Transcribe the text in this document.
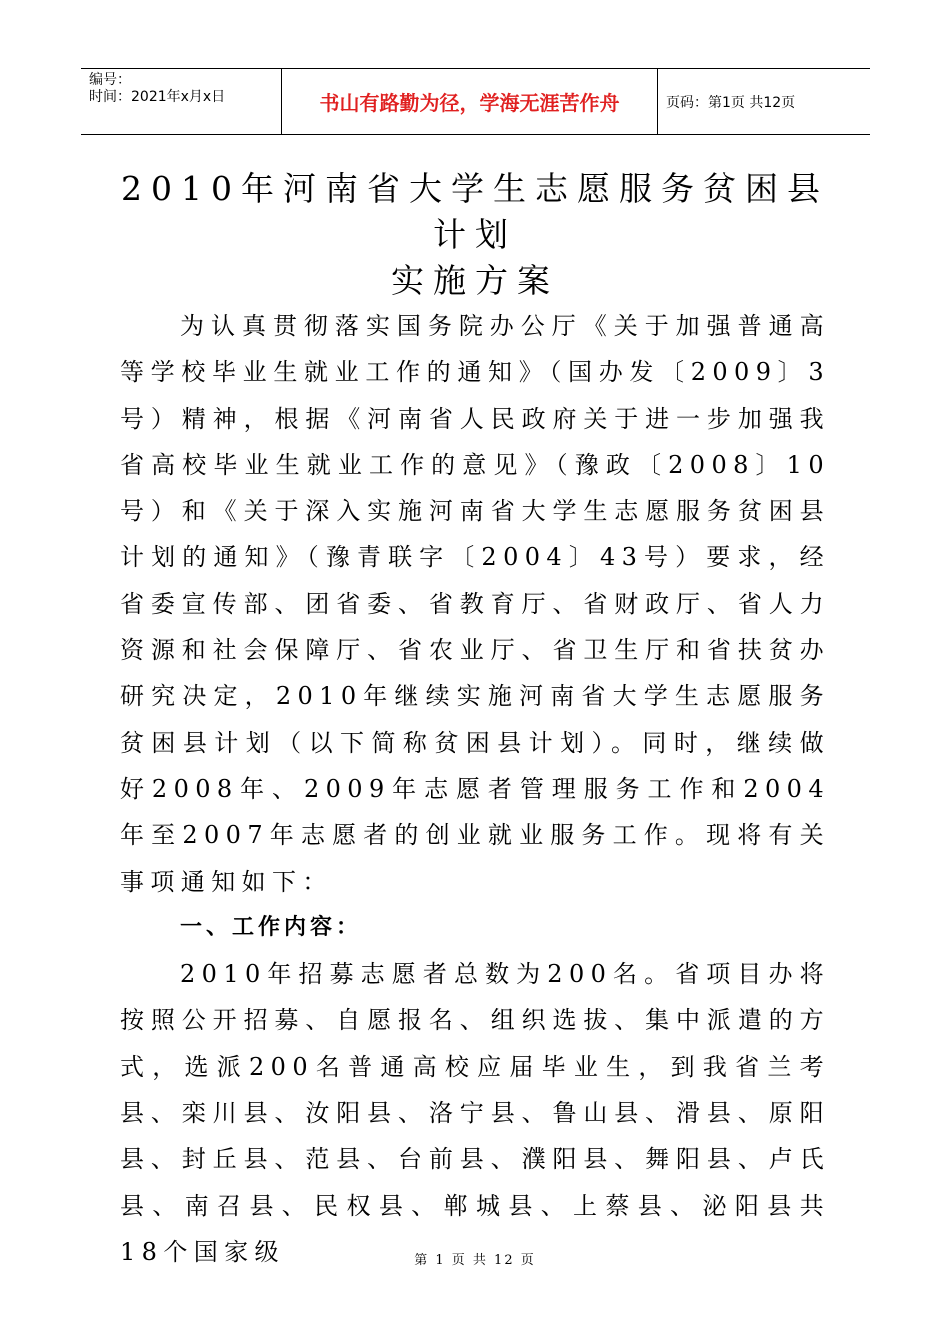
编号：
时间：2021年x月x日	书山有路勤为径，学海无涯苦作舟	页码：第1页 共12页
2010年河南省大学生志愿服务贫困县
计划
实施方案

为认真贯彻落实国务院办公厅《关于加强普通高等学校毕业生就业工作的通知》（国办发〔2009〕3号）精神，根据《河南省人民政府关于进一步加强我省高校毕业生就业工作的意见》（豫政〔2008〕10号）和《关于深入实施河南省大学生志愿服务贫困县计划的通知》（豫青联字〔2004〕43号）要求，经省委宣传部、团省委、省教育厅、省财政厅、省人力资源和社会保障厅、省农业厅、省卫生厅和省扶贫办研究决定，2010年继续实施河南省大学生志愿服务贫困县计划（以下简称贫困县计划）。同时，继续做好2008年、2009年志愿者管理服务工作和2004年至2007年志愿者的创业就业服务工作。现将有关事项通知如下：

一、工作内容：

2010年招募志愿者总数为200名。省项目办将按照公开招募、自愿报名、组织选拔、集中派遣的方式，选派200名普通高校应届毕业生，到我省兰考县、栾川县、汝阳县、洛宁县、鲁山县、滑县、原阳县、封丘县、范县、台前县、濮阳县、舞阳县、卢氏县、南召县、民权县、郸城县、上蔡县、泌阳县共18个国家级	第 1 页 共 12 页
